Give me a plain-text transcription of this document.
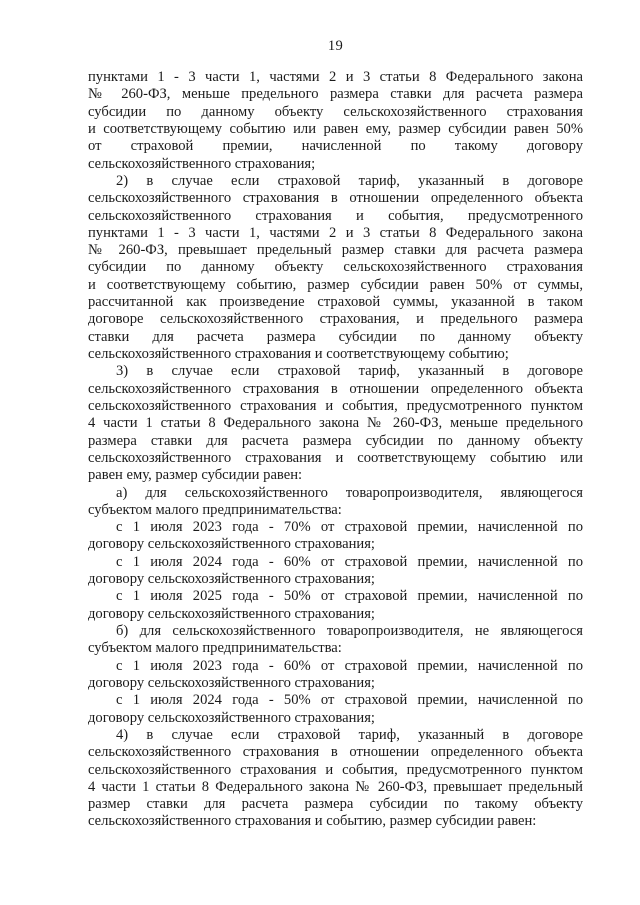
19
пунктами 1 - 3 части 1, частями 2 и 3 статьи 8 Федерального закона
№ 260-ФЗ, меньше предельного размера ставки для расчета размера
субсидии по данному объекту сельскохозяйственного страхования
и соответствующему событию или равен ему, размер субсидии равен 50%
от страховой премии, начисленной по такому договору
сельскохозяйственного страхования;
2) в случае если страховой тариф, указанный в договоре
сельскохозяйственного страхования в отношении определенного объекта
сельскохозяйственного страхования и события, предусмотренного
пунктами 1 - 3 части 1, частями 2 и 3 статьи 8 Федерального закона
№ 260-ФЗ, превышает предельный размер ставки для расчета размера
субсидии по данному объекту сельскохозяйственного страхования
и соответствующему событию, размер субсидии равен 50% от суммы,
рассчитанной как произведение страховой суммы, указанной в таком
договоре сельскохозяйственного страхования, и предельного размера
ставки для расчета размера субсидии по данному объекту
сельскохозяйственного страхования и соответствующему событию;
3) в случае если страховой тариф, указанный в договоре
сельскохозяйственного страхования в отношении определенного объекта
сельскохозяйственного страхования и события, предусмотренного пунктом
4 части 1 статьи 8 Федерального закона № 260-ФЗ, меньше предельного
размера ставки для расчета размера субсидии по данному объекту
сельскохозяйственного страхования и соответствующему событию или
равен ему, размер субсидии равен:
а) для сельскохозяйственного товаропроизводителя, являющегося
субъектом малого предпринимательства:
с 1 июля 2023 года - 70% от страховой премии, начисленной по
договору сельскохозяйственного страхования;
с 1 июля 2024 года - 60% от страховой премии, начисленной по
договору сельскохозяйственного страхования;
с 1 июля 2025 года - 50% от страховой премии, начисленной по
договору сельскохозяйственного страхования;
б) для сельскохозяйственного товаропроизводителя, не являющегося
субъектом малого предпринимательства:
с 1 июля 2023 года - 60% от страховой премии, начисленной по
договору сельскохозяйственного страхования;
с 1 июля 2024 года - 50% от страховой премии, начисленной по
договору сельскохозяйственного страхования;
4) в случае если страховой тариф, указанный в договоре
сельскохозяйственного страхования в отношении определенного объекта
сельскохозяйственного страхования и события, предусмотренного пунктом
4 части 1 статьи 8 Федерального закона № 260-ФЗ, превышает предельный
размер ставки для расчета размера субсидии по такому объекту
сельскохозяйственного страхования и событию, размер субсидии равен:
